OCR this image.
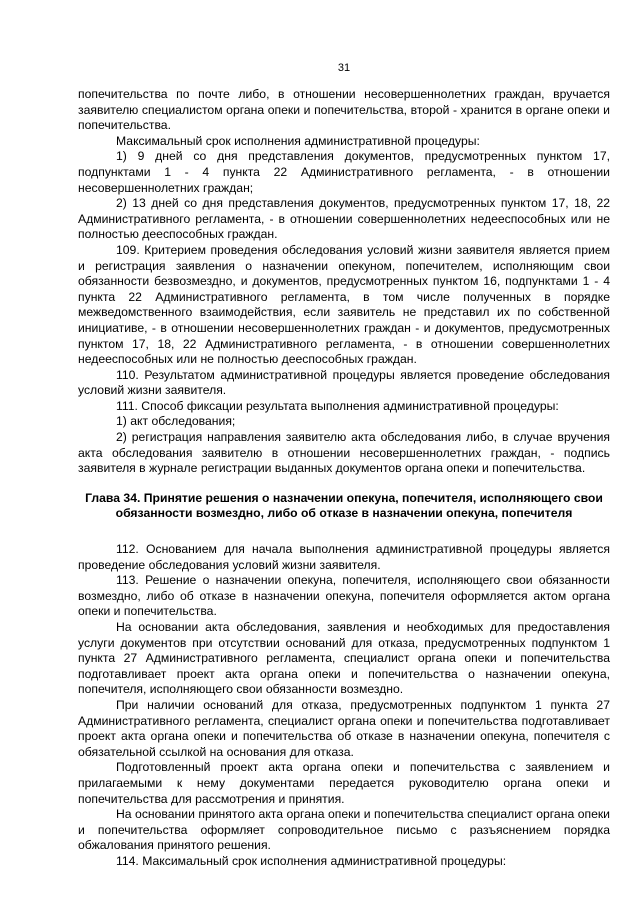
31

попечительства по почте либо, в отношении несовершеннолетних граждан, вручается заявителю специалистом органа опеки и попечительства, второй - хранится в органе опеки и попечительства.

Максимальный срок исполнения административной процедуры:

1) 9 дней со дня представления документов, предусмотренных пунктом 17, подпунктами 1 - 4 пункта 22 Административного регламента, - в отношении несовершеннолетних граждан;

2) 13 дней со дня представления документов, предусмотренных пунктом 17, 18, 22 Административного регламента, - в отношении совершеннолетних недееспособных или не полностью дееспособных граждан.

109. Критерием проведения обследования условий жизни заявителя является прием и регистрация заявления о назначении опекуном, попечителем, исполняющим свои обязанности безвозмездно, и документов, предусмотренных пунктом 16, подпунктами 1 - 4 пункта 22 Административного регламента, в том числе полученных в порядке межведомственного взаимодействия, если заявитель не представил их по собственной инициативе, - в отношении несовершеннолетних граждан - и документов, предусмотренных пунктом 17, 18, 22 Административного регламента, - в отношении совершеннолетних недееспособных или не полностью дееспособных граждан.

110. Результатом административной процедуры является проведение обследования условий жизни заявителя.

111. Способ фиксации результата выполнения административной процедуры:

1) акт обследования;

2) регистрация направления заявителю акта обследования либо, в случае вручения акта обследования заявителю в отношении несовершеннолетних граждан, - подпись заявителя в журнале регистрации выданных документов органа опеки и попечительства.

Глава 34. Принятие решения о назначении опекуна, попечителя, исполняющего свои обязанности возмездно, либо об отказе в назначении опекуна, попечителя

112. Основанием для начала выполнения административной процедуры является проведение обследования условий жизни заявителя.

113. Решение о назначении опекуна, попечителя, исполняющего свои обязанности возмездно, либо об отказе в назначении опекуна, попечителя оформляется актом органа опеки и попечительства.

На основании акта обследования, заявления и необходимых для предоставления услуги документов при отсутствии оснований для отказа, предусмотренных подпунктом 1 пункта 27 Административного регламента, специалист органа опеки и попечительства подготавливает проект акта органа опеки и попечительства о назначении опекуна, попечителя, исполняющего свои обязанности возмездно.

При наличии оснований для отказа, предусмотренных подпунктом 1 пункта 27 Административного регламента, специалист органа опеки и попечительства подготавливает проект акта органа опеки и попечительства об отказе в назначении опекуна, попечителя с обязательной ссылкой на основания для отказа.

Подготовленный проект акта органа опеки и попечительства с заявлением и прилагаемыми к нему документами передается руководителю органа опеки и попечительства для рассмотрения и принятия.

На основании принятого акта органа опеки и попечительства специалист органа опеки и попечительства оформляет сопроводительное письмо с разъяснением порядка обжалования принятого решения.

114. Максимальный срок исполнения административной процедуры:
